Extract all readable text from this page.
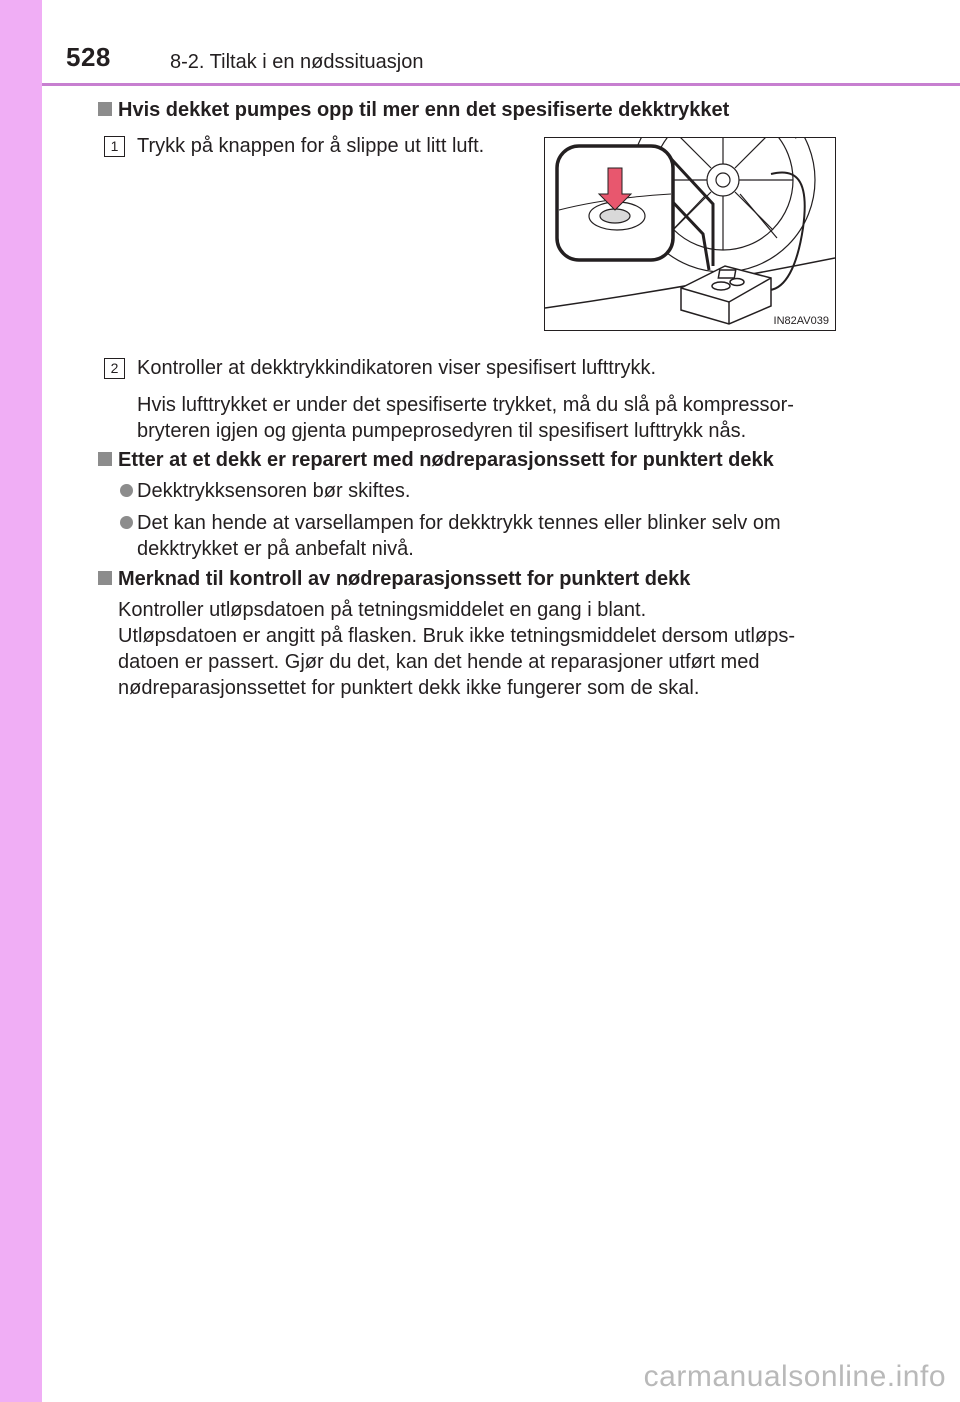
528	8-2. Tiltak i en nødssituasjon
Hvis dekket pumpes opp til mer enn det spesifiserte dekktrykket
1 Trykk på knappen for å slippe ut litt luft.
IN82AV039
2 Kontroller at dekktrykkindikatoren viser spesifisert lufttrykk.
Hvis lufttrykket er under det spesifiserte trykket, må du slå på kompressor-
bryteren igjen og gjenta pumpeprosedyren til spesifisert lufttrykk nås.
Etter at et dekk er reparert med nødreparasjonssett for punktert dekk
Dekktrykksensoren bør skiftes.
Det kan hende at varsellampen for dekktrykk tennes eller blinker selv om
dekktrykket er på anbefalt nivå.
Merknad til kontroll av nødreparasjonssett for punktert dekk
Kontroller utløpsdatoen på tetningsmiddelet en gang i blant.
Utløpsdatoen er angitt på flasken. Bruk ikke tetningsmiddelet dersom utløps-
datoen er passert. Gjør du det, kan det hende at reparasjoner utført med
nødreparasjonssettet for punktert dekk ikke fungerer som de skal.
carmanualsonline.info
